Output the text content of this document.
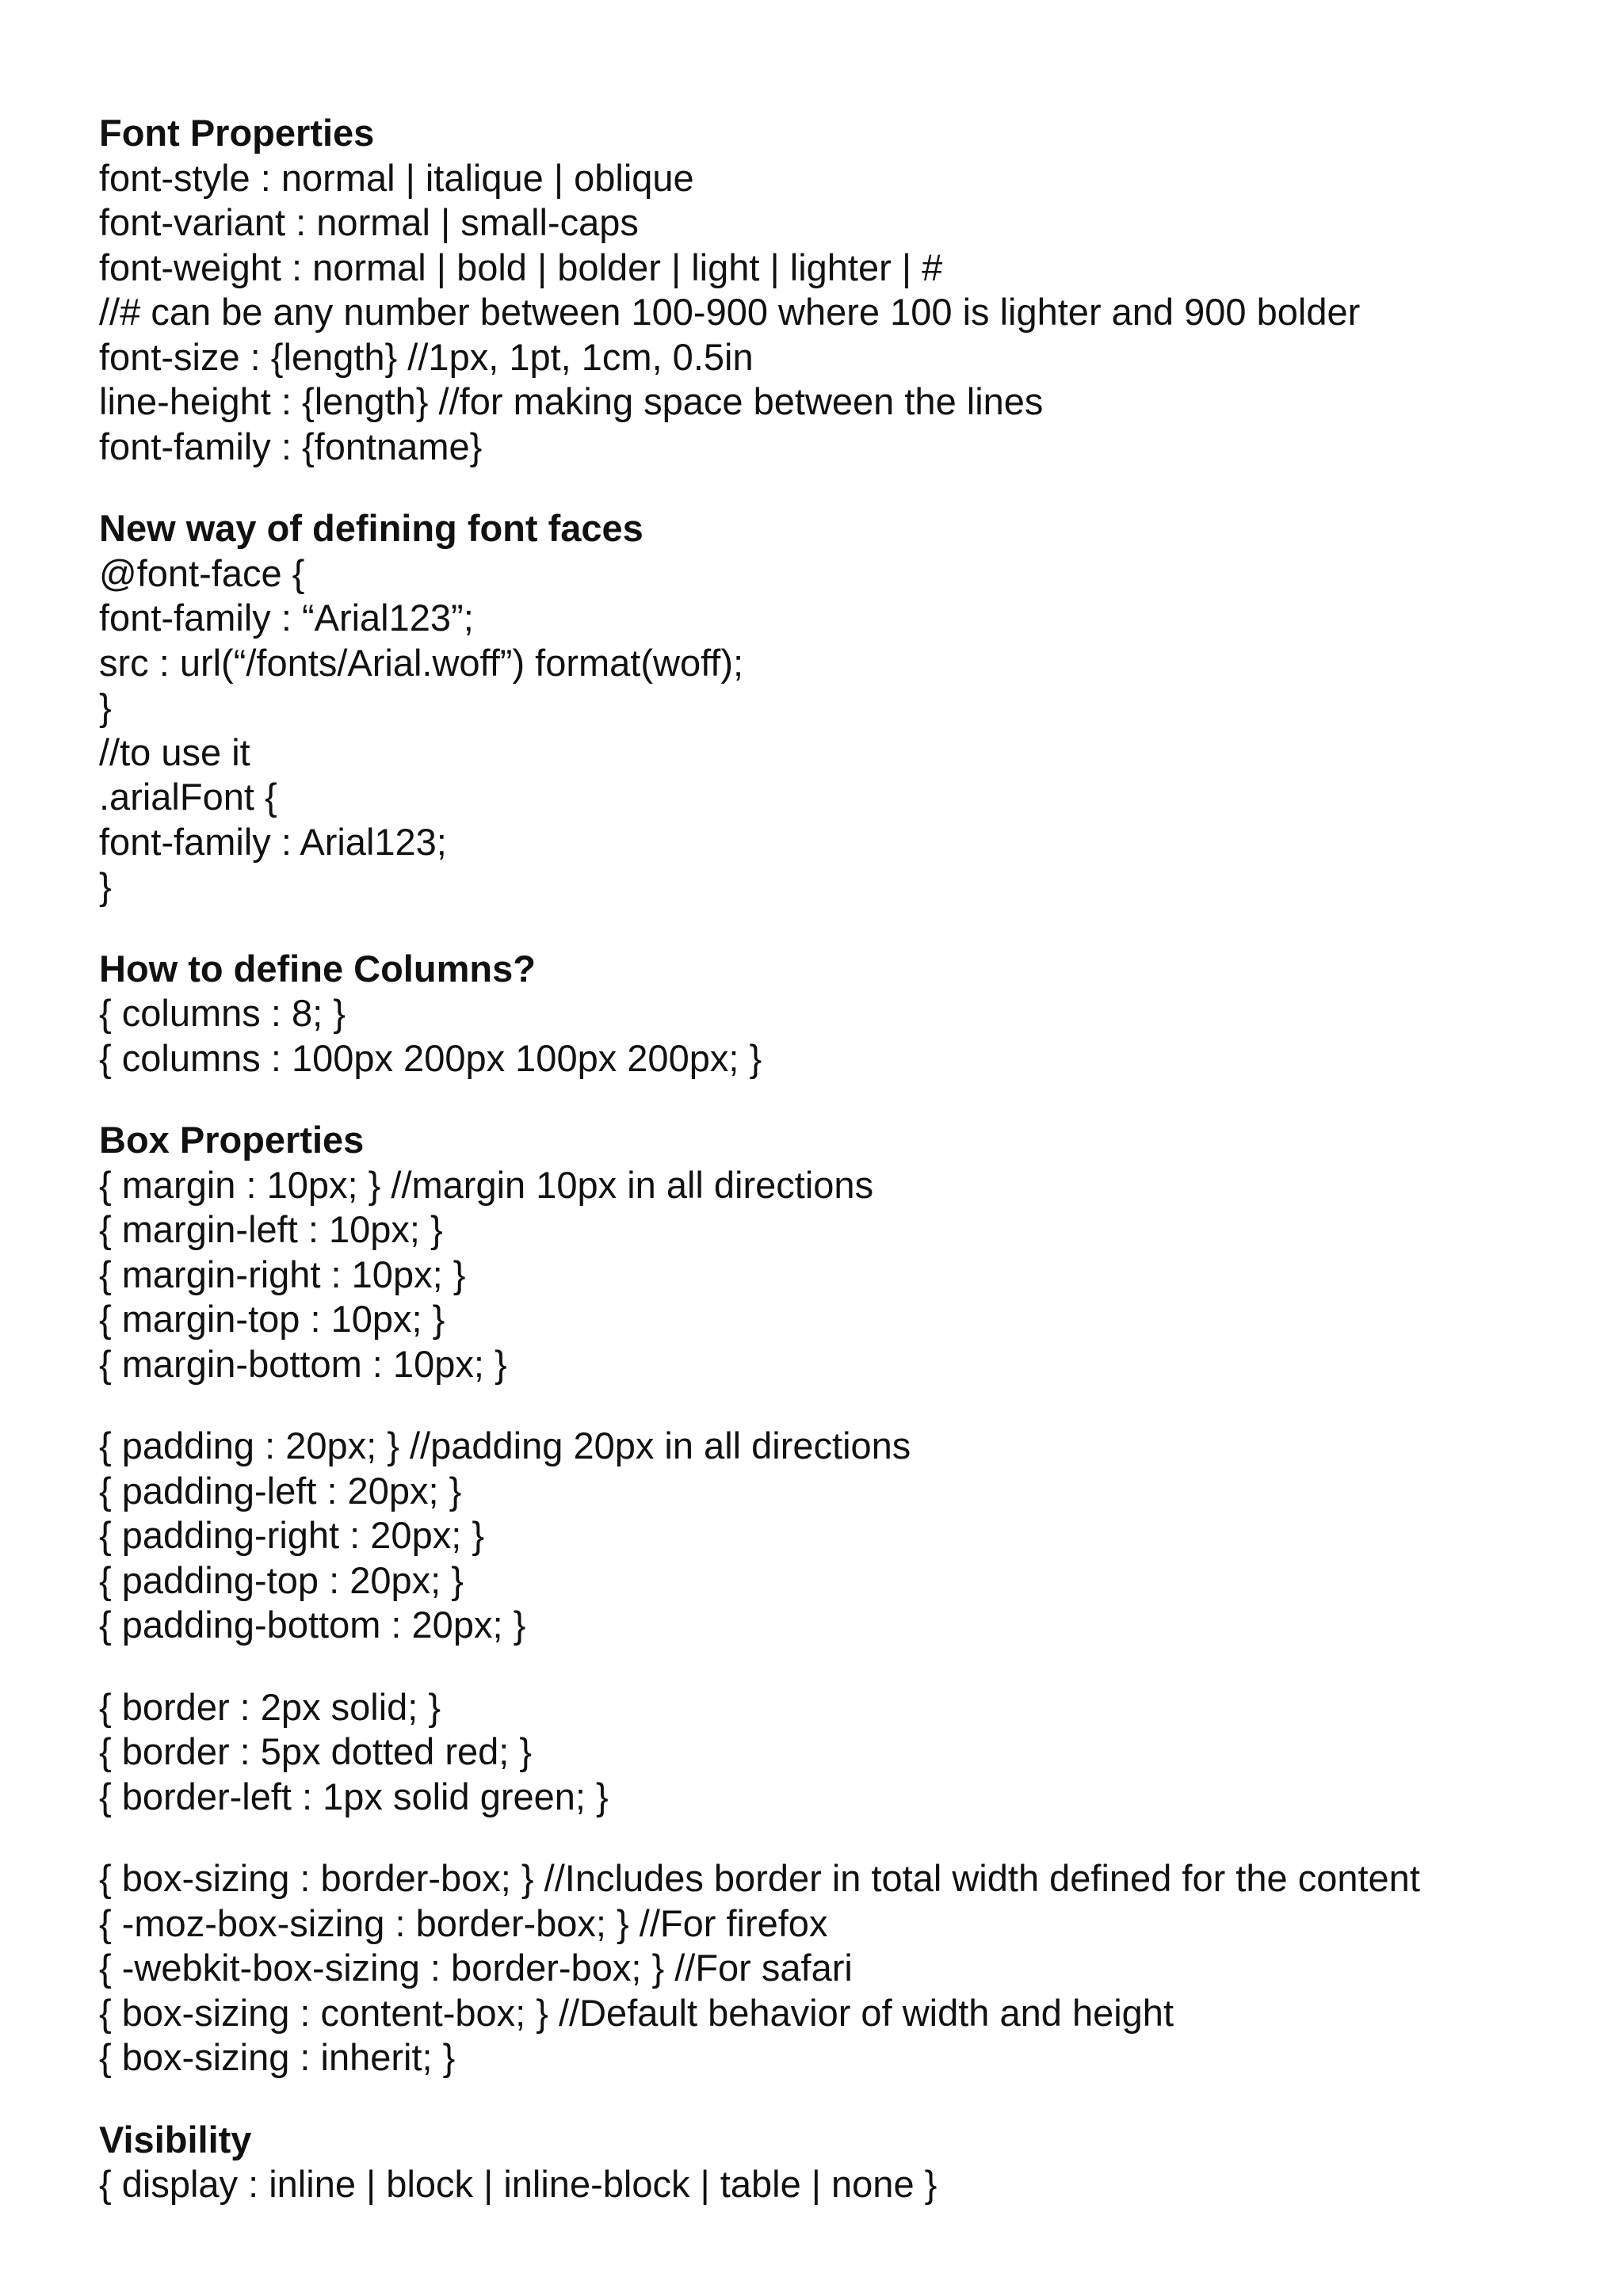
Font Properties
font-style : normal | italique | oblique
font-variant : normal | small-caps
font-weight : normal | bold | bolder | light | lighter | #
//# can be any number between 100-900 where 100 is lighter and 900 bolder
font-size : {length} //1px, 1pt, 1cm, 0.5in
line-height : {length} //for making space between the lines
font-family : {fontname}
New way of defining font faces
@font-face {
font-family : “Arial123”;
src : url(“/fonts/Arial.woff”) format(woff);
}
//to use it
.arialFont {
font-family : Arial123;
}
How to define Columns?
{ columns : 8; }
{ columns : 100px 200px 100px 200px; }
Box Properties
{ margin : 10px; } //margin 10px in all directions
{ margin-left : 10px; }
{ margin-right : 10px; }
{ margin-top : 10px; }
{ margin-bottom : 10px; }
{ padding : 20px; } //padding 20px in all directions
{ padding-left : 20px; }
{ padding-right : 20px; }
{ padding-top : 20px; }
{ padding-bottom : 20px; }
{ border : 2px solid; }
{ border : 5px dotted red; }
{ border-left : 1px solid green; }
{ box-sizing : border-box; } //Includes border in total width defined for the content
{ -moz-box-sizing : border-box; } //For firefox
{ -webkit-box-sizing : border-box; } //For safari
{ box-sizing : content-box; } //Default behavior of width and height
{ box-sizing : inherit; }
Visibility
{ display : inline | block | inline-block | table | none }
